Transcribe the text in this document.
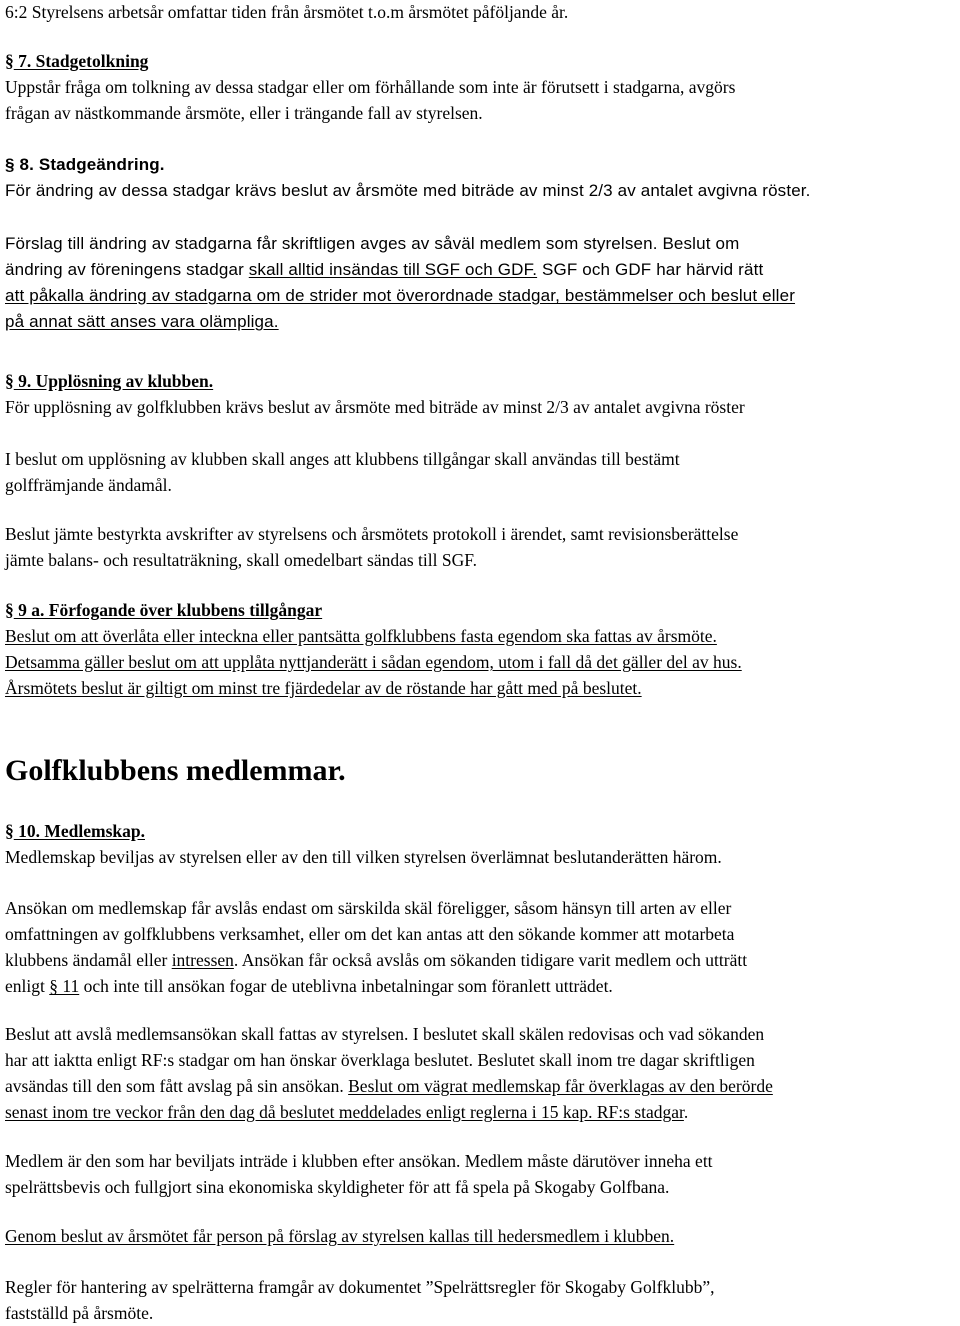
6:2 Styrelsens arbetsår omfattar tiden från årsmötet t.o.m årsmötet påföljande år.
§ 7. Stadgetolkning
Uppstår fråga om tolkning av dessa stadgar eller om förhållande som inte är förutsett i stadgarna, avgörs
frågan av nästkommande årsmöte, eller i trängande fall av styrelsen.
§ 8. Stadgeändring.
För ändring av dessa stadgar krävs beslut av årsmöte med biträde av minst 2/3 av antalet avgivna röster.
Förslag till ändring av stadgarna får skriftligen avges av såväl medlem som styrelsen. Beslut om
ändring av föreningens stadgar skall alltid insändas till SGF och GDF. SGF och GDF har härvid rätt
att påkalla ändring av stadgarna om de strider mot överordnade stadgar, bestämmelser och beslut eller
på annat sätt anses vara olämpliga.
§ 9. Upplösning av klubben.
För upplösning av golfklubben krävs beslut av årsmöte med biträde av minst 2/3 av antalet avgivna röster
I beslut om upplösning av klubben skall anges att klubbens tillgångar skall användas till bestämt
golffrämjande ändamål.
Beslut jämte bestyrkta avskrifter av styrelsens och årsmötets protokoll i ärendet, samt revisionsberättelse
jämte balans- och resultaträkning, skall omedelbart sändas till SGF.
§ 9 a. Förfogande över klubbens tillgångar
Beslut om att överlåta eller inteckna eller pantsätta golfklubbens fasta egendom ska fattas av årsmöte.
Detsamma gäller beslut om att upplåta nyttjanderätt i sådan egendom, utom i fall då det gäller del av hus.
Årsmötets beslut är giltigt om minst tre fjärdedelar av de röstande har gått med på beslutet.
Golfklubbens medlemmar.
§ 10. Medlemskap.
Medlemskap beviljas av styrelsen eller av den till vilken styrelsen överlämnat beslutanderätten härom.
Ansökan om medlemskap får avslås endast om särskilda skäl föreligger, såsom hänsyn till arten av eller
omfattningen av golfklubbens verksamhet, eller om det kan antas att den sökande kommer att motarbeta
klubbens ändamål eller intressen. Ansökan får också avslås om sökanden tidigare varit medlem och utträtt
enligt § 11 och inte till ansökan fogar de uteblivna inbetalningar som föranlett utträdet.
Beslut att avslå medlemsansökan skall fattas av styrelsen. I beslutet skall skälen redovisas och vad sökanden
har att iaktta enligt RF:s stadgar om han önskar överklaga beslutet. Beslutet skall inom tre dagar skriftligen
avsändas till den som fått avslag på sin ansökan. Beslut om vägrat medlemskap får överklagas av den berörde
senast inom tre veckor från den dag då beslutet meddelades enligt reglerna i 15 kap. RF:s stadgar.
Medlem är den som har beviljats inträde i klubben efter ansökan. Medlem måste därutöver inneha ett
spelrättsbevis och fullgjort sina ekonomiska skyldigheter för att få spela på Skogaby Golfbana.
Genom beslut av årsmötet får person på förslag av styrelsen kallas till hedersmedlem i klubben.
Regler för hantering av spelrätterna framgår av dokumentet ”Spelrättsregler för Skogaby Golfklubb”,
fastställd på årsmöte.
